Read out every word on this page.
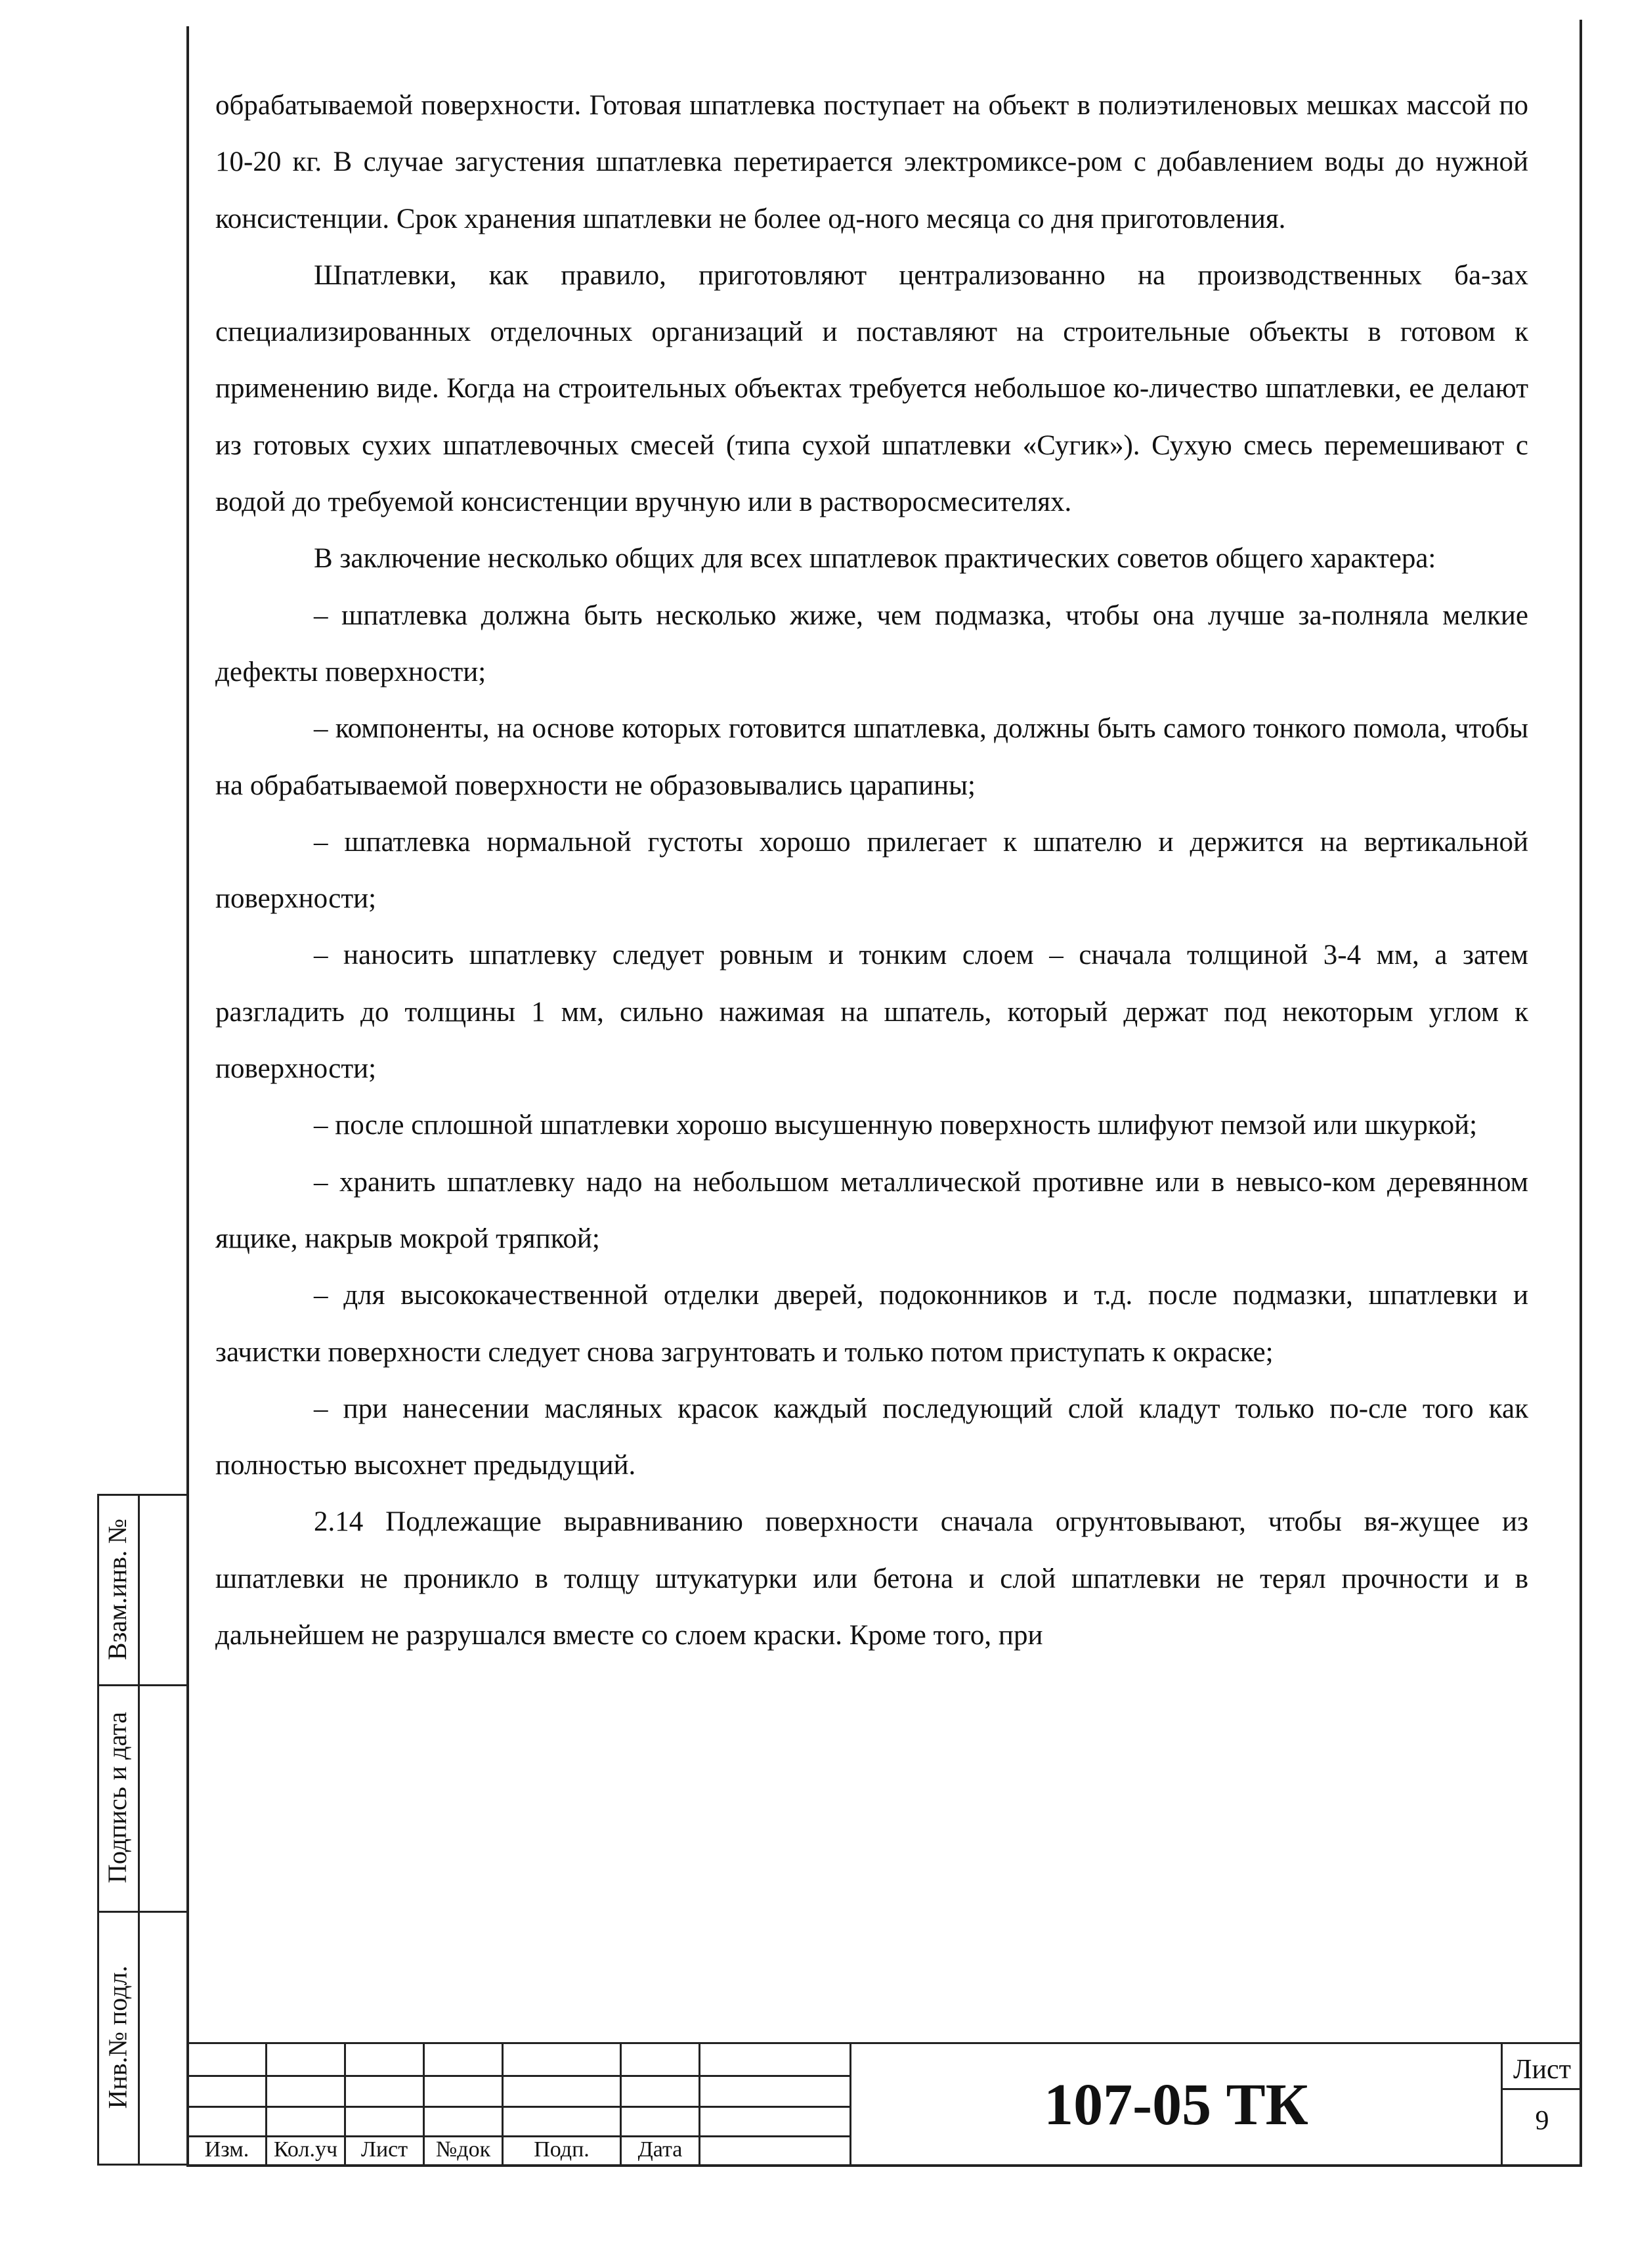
обрабатываемой поверхности. Готовая шпатлевка поступает на объект в полиэтиленовых мешках массой по 10-20 кг. В случае загустения шпатлевка перетирается электромиксе-ром с добавлением воды до нужной консистенции. Срок хранения шпатлевки не более од-ного месяца со дня приготовления.

Шпатлевки, как правило, приготовляют централизованно на производственных ба-зах специализированных отделочных организаций и поставляют на строительные объекты в готовом к применению виде. Когда на строительных объектах требуется небольшое ко-личество шпатлевки, ее делают из готовых сухих шпатлевочных смесей (типа сухой шпатлевки «Сугик»). Сухую смесь перемешивают с водой до требуемой консистенции вручную или в растворосмесителях.

В заключение несколько общих для всех шпатлевок практических советов общего характера:

– шпатлевка должна быть несколько жиже, чем подмазка, чтобы она лучше за-полняла мелкие дефекты поверхности;

– компоненты, на основе которых готовится шпатлевка, должны быть самого тонкого помола, чтобы на обрабатываемой поверхности не образовывались царапины;

– шпатлевка нормальной густоты хорошо прилегает к шпателю и держится на вертикальной поверхности;

– наносить шпатлевку следует ровным и тонким слоем – сначала толщиной 3-4 мм, а затем разгладить до толщины 1 мм, сильно нажимая на шпатель, который держат под некоторым углом к поверхности;

– после сплошной шпатлевки хорошо высушенную поверхность шлифуют пемзой или шкуркой;

– хранить шпатлевку надо на небольшом металлической противне или в невысо-ком деревянном ящике, накрыв мокрой тряпкой;

– для высококачественной отделки дверей, подоконников и т.д. после подмазки, шпатлевки и зачистки поверхности следует снова загрунтовать и только потом приступать к окраске;

– при нанесении масляных красок каждый последующий слой кладут только по-сле того как полностью высохнет предыдущий.

2.14 Подлежащие выравниванию поверхности сначала огрунтовывают, чтобы вя-жущее из шпатлевки не проникло в толщу штукатурки или бетона и слой шпатлевки не терял прочности и в дальнейшем не разрушался вместе со слоем краски. Кроме того, при

Взам.инв. №
Подпись и дата
Инв.№ подл.
Изм.	Кол.уч	Лист	№док	Подп.	Дата
107-05 ТК
Лист
9
